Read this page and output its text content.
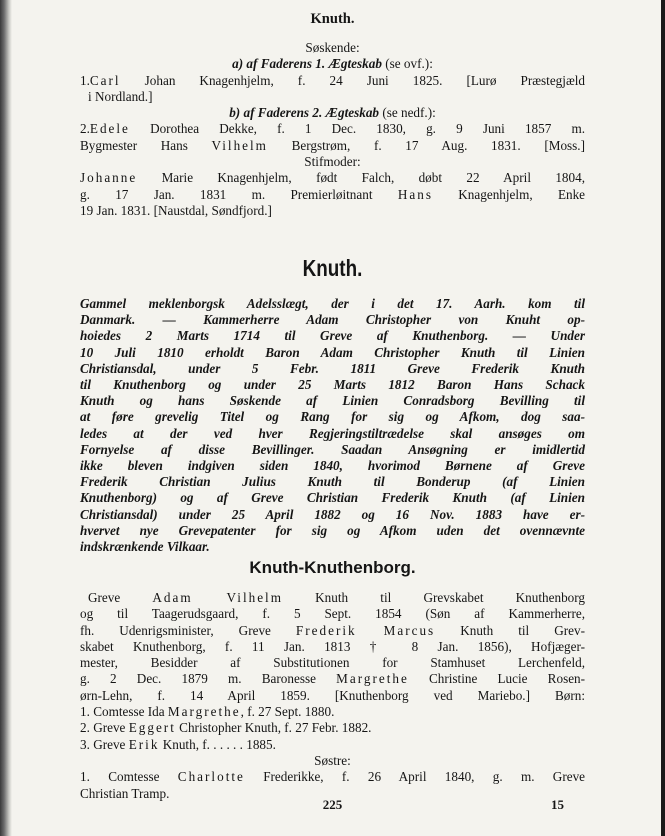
Knuth.
Søskende:
a) af Faderens 1. Ægteskab (se ovf.):
1.Carl Johan Knagenhjelm, f. 24 Juni 1825. [Lurø Præstegjæld
i Nordland.]
b) af Faderens 2. Ægteskab (se nedf.):
2.Edele Dorothea Dekke, f. 1 Dec. 1830, g. 9 Juni 1857 m.
Bygmester Hans Vilhelm Bergstrøm, f. 17 Aug. 1831. [Moss.]
Stifmoder:
Johanne Marie Knagenhjelm, født Falch, døbt 22 April 1804,
g. 17 Jan. 1831 m. Premierløitnant Hans Knagenhjelm, Enke
19 Jan. 1831. [Naustdal, Søndfjord.]
Knuth.
Gammel meklenborgsk Adelsslægt, der i det 17. Aarh. kom til
Danmark. — Kammerherre Adam Christopher von Knuht op-
hoiedes 2 Marts 1714 til Greve af Knuthenborg. — Under
10 Juli 1810 erholdt Baron Adam Christopher Knuth til Linien
Christiansdal, under 5 Febr. 1811 Greve Frederik Knuth
til Knuthenborg og under 25 Marts 1812 Baron Hans Schack
Knuth og hans Søskende af Linien Conradsborg Bevilling til
at føre grevelig Titel og Rang for sig og Afkom, dog saa-
ledes at der ved hver Regjeringstiltrædelse skal ansøges om
Fornyelse af disse Bevillinger. Saadan Ansøgning er imidlertid
ikke bleven indgiven siden 1840, hvorimod Børnene af Greve
Frederik Christian Julius Knuth til Bonderup (af Linien
Knuthenborg) og af Greve Christian Frederik Knuth (af Linien
Christiansdal) under 25 April 1882 og 16 Nov. 1883 have er-
hvervet nye Grevepatenter for sig og Afkom uden det ovennævnte
indskrænkende Vilkaar.
Knuth-Knuthenborg.
Greve Adam Vilhelm Knuth til Grevskabet Knuthenborg
og til Taagerudsgaard, f. 5 Sept. 1854 (Søn af Kammerherre,
fh. Udenrigsminister, Greve Frederik Marcus Knuth til Grev-
skabet Knuthenborg, f. 11 Jan. 1813 † 8 Jan. 1856), Hofjæger-
mester, Besidder af Substitutionen for Stamhuset Lerchenfeld,
g. 2 Dec. 1879 m. Baronesse Margrethe Christine Lucie Rosen-
ørn-Lehn, f. 14 April 1859. [Knuthenborg ved Mariebo.] Børn:
1. Comtesse Ida Margrethe, f. 27 Sept. 1880.
2. Greve Eggert Christopher Knuth, f. 27 Febr. 1882.
3. Greve Erik Knuth, f. . . . . . 1885.
Søstre:
1. Comtesse Charlotte Frederikke, f. 26 April 1840, g. m. Greve
Christian Tramp.
225	15
